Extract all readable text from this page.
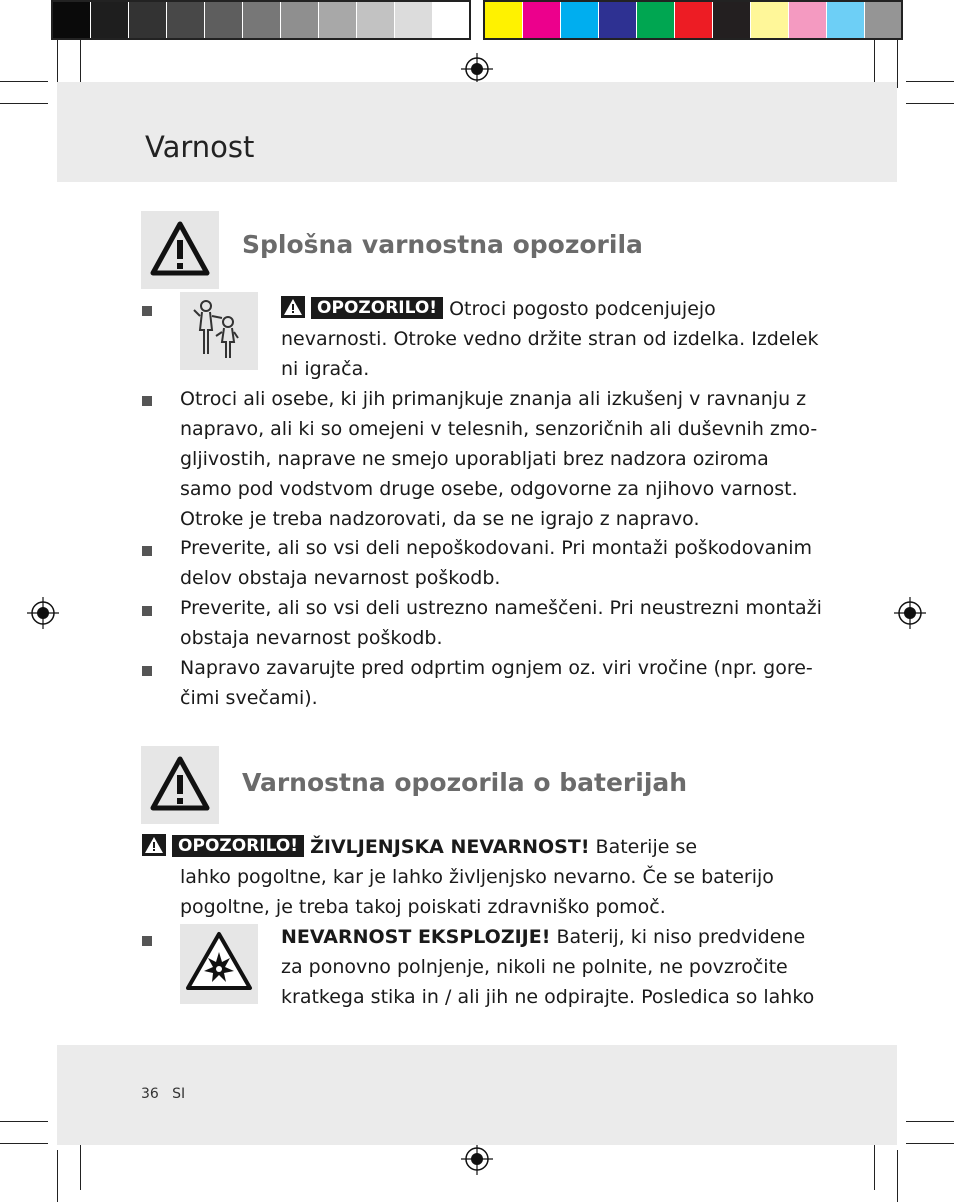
Varnost
Splošna varnostna opozorila
OPOZORILO! Otroci pogosto podcenjujejo
nevarnosti. Otroke vedno držite stran od izdelka. Izdelek
ni igrača.
Otroci ali osebe, ki jih primanjkuje znanja ali izkušenj v ravnanju z
napravo, ali ki so omejeni v telesnih, senzoričnih ali duševnih zmo-
gljivostih, naprave ne smejo uporabljati brez nadzora oziroma
samo pod vodstvom druge osebe, odgovorne za njihovo varnost.
Otroke je treba nadzorovati, da se ne igrajo z napravo.
Preverite, ali so vsi deli nepoškodovani. Pri montaži poškodovanim
delov obstaja nevarnost poškodb.
Preverite, ali so vsi deli ustrezno nameščeni. Pri neustrezni montaži
obstaja nevarnost poškodb.
Napravo zavarujte pred odprtim ognjem oz. viri vročine (npr. gore-
čimi svečami).
Varnostna opozorila o baterijah
OPOZORILO! ŽIVLJENJSKA NEVARNOST! Baterije se
lahko pogoltne, kar je lahko življenjsko nevarno. Če se baterijo
pogoltne, je treba takoj poiskati zdravniško pomoč.
NEVARNOST EKSPLOZIJE! Baterij, ki niso predvidene
za ponovno polnjenje, nikoli ne polnite, ne povzročite
kratkega stika in / ali jih ne odpirajte. Posledica so lahko
36   SI
